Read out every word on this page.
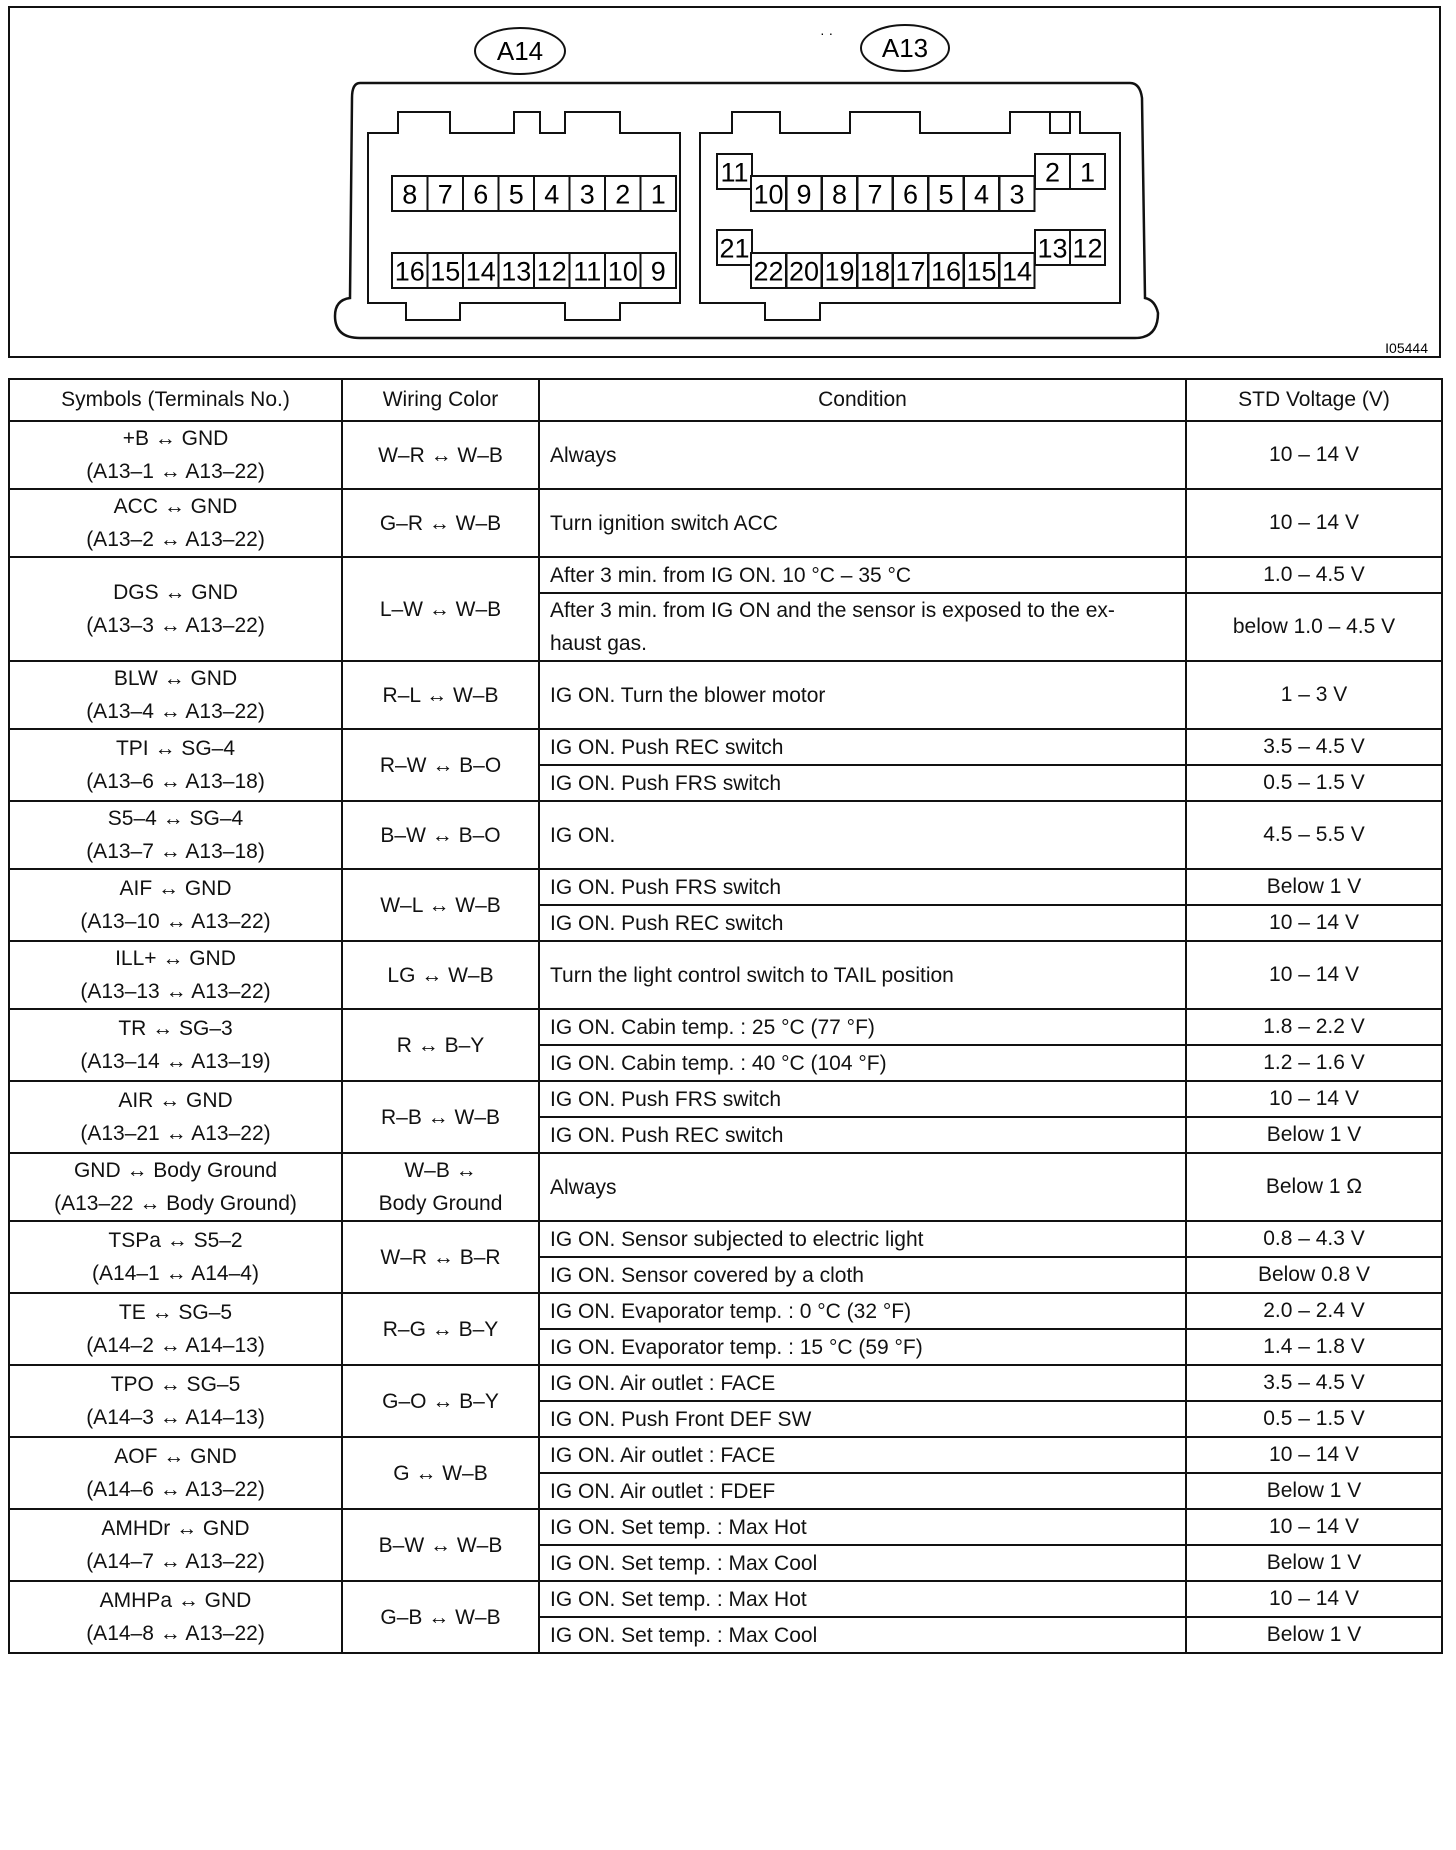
A14	A13
· ·
8 7 6 5 4 3 2 1
16 15 14 13 12 11 10 9
11
10 9 8 7 6 5 4 3
2 1
21
22 20 19 18 17 16 15 14
13 12
I05444
Symbols (Terminals No.)	Wiring Color	Condition	STD Voltage (V)

+B ↔ GND
(A13–1 ↔ A13–22)	W–R ↔ W–B	Always	10 – 14 V

ACC ↔ GND
(A13–2 ↔ A13–22)	G–R ↔ W–B	Turn ignition switch ACC	10 – 14 V

DGS ↔ GND
(A13–3 ↔ A13–22)	L–W ↔ W–B	After 3 min. from IG ON. 10 °C – 35 °C	1.0 – 4.5 V

		After 3 min. from IG ON and the sensor is exposed to the ex-
haust gas.	below 1.0 – 4.5 V

BLW ↔ GND
(A13–4 ↔ A13–22)	R–L ↔ W–B	IG ON. Turn the blower motor	1 – 3 V

TPI ↔ SG–4
(A13–6 ↔ A13–18)	R–W ↔ B–O	IG ON. Push REC switch	3.5 – 4.5 V

		IG ON. Push FRS switch	0.5 – 1.5 V

S5–4 ↔ SG–4
(A13–7 ↔ A13–18)	B–W ↔ B–O	IG ON.	4.5 – 5.5 V

AIF ↔ GND
(A13–10 ↔ A13–22)	W–L ↔ W–B	IG ON. Push FRS switch	Below 1 V

		IG ON. Push REC switch	10 – 14 V

ILL+ ↔ GND
(A13–13 ↔ A13–22)	LG ↔ W–B	Turn the light control switch to TAIL position	10 – 14 V

TR ↔ SG–3
(A13–14 ↔ A13–19)	R ↔ B–Y	IG ON. Cabin temp. : 25 °C (77 °F)	1.8 – 2.2 V

		IG ON. Cabin temp. : 40 °C (104 °F)	1.2 – 1.6 V

AIR ↔ GND
(A13–21 ↔ A13–22)	R–B ↔ W–B	IG ON. Push FRS switch	10 – 14 V

		IG ON. Push REC switch	Below 1 V

GND ↔ Body Ground
(A13–22 ↔ Body Ground)	W–B ↔
Body Ground	Always	Below 1 Ω

TSPa ↔ S5–2
(A14–1 ↔ A14–4)	W–R ↔ B–R	IG ON. Sensor subjected to electric light	0.8 – 4.3 V

		IG ON. Sensor covered by a cloth	Below 0.8 V

TE ↔ SG–5
(A14–2 ↔ A14–13)	R–G ↔ B–Y	IG ON. Evaporator temp. : 0 °C (32 °F)	2.0 – 2.4 V

		IG ON. Evaporator temp. : 15 °C (59 °F)	1.4 – 1.8 V

TPO ↔ SG–5
(A14–3 ↔ A14–13)	G–O ↔ B–Y	IG ON. Air outlet : FACE	3.5 – 4.5 V

		IG ON. Push Front DEF SW	0.5 – 1.5 V

AOF ↔ GND
(A14–6 ↔ A13–22)	G ↔ W–B	IG ON. Air outlet : FACE	10 – 14 V

		IG ON. Air outlet : FDEF	Below 1 V

AMHDr ↔ GND
(A14–7 ↔ A13–22)	B–W ↔ W–B	IG ON. Set temp. : Max Hot	10 – 14 V

		IG ON. Set temp. : Max Cool	Below 1 V

AMHPa ↔ GND
(A14–8 ↔ A13–22)	G–B ↔ W–B	IG ON. Set temp. : Max Hot	10 – 14 V

		IG ON. Set temp. : Max Cool	Below 1 V
